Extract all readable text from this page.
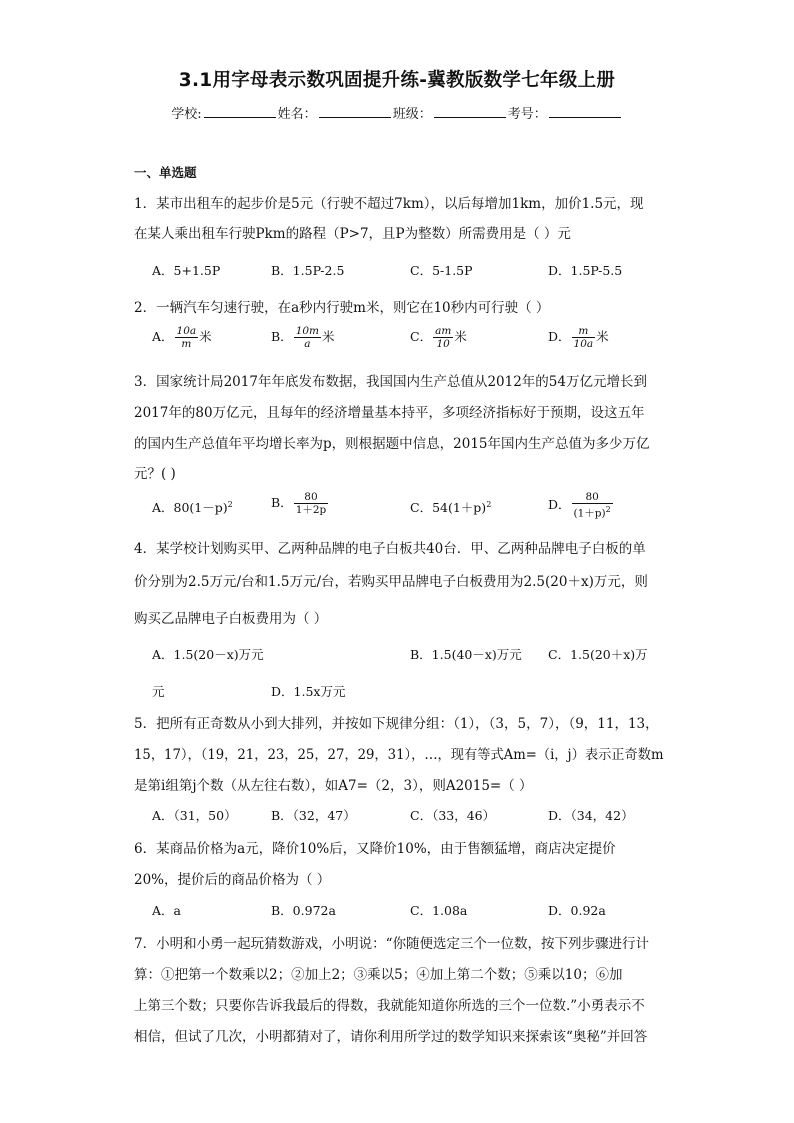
3.1用字母表示数巩固提升练-冀教版数学七年级上册
学校:	姓名：	班级：	考号：
一、单选题
1．某市出租车的起步价是5元（行驶不超过7km），以后每增加1km，加价1.5元，现
在某人乘出租车行驶Pkm的路程（P>7，且P为整数）所需费用是（ ）元
A．5+1.5P	B．1.5P-2.5	C．5-1.5P	D．1.5P-5.5
2．一辆汽车匀速行驶，在a秒内行驶m米，则它在10秒内可行驶（ ）
A． $\frac{10a}{m}$ 米	B． $\frac{10m}{a}$ 米	C． $\frac{am}{10}$ 米	D． $\frac{m}{10a}$ 米
3．国家统计局2017年年底发布数据，我国国内生产总值从2012年的54万亿元增长到
2017年的80万亿元，且每年的经济增量基本持平，多项经济指标好于预期，设这五年
的国内生产总值年平均增长率为p，则根据题中信息，2015年国内生产总值为多少万亿
元？( )
A．$80(1-p)^2$	B． $\frac{80}{1+2p}$	C．$54(1+p)^2$	D． $\frac{80}{(1+p)^2}$
4．某学校计划购买甲、乙两种品牌的电子白板共40台．甲、乙两种品牌电子白板的单
价分别为2.5万元/台和1.5万元/台，若购买甲品牌电子白板费用为2.5(20＋x)万元，则
购买乙品牌电子白板费用为（ ）
A．1.5(20－x)万元	B．1.5(40－x)万元 C．1.5(20＋x)万
元	D．1.5x万元
5．把所有正奇数从小到大排列，并按如下规律分组：（1），（3，5，7），（9，11，13，
15，17），（19，21，23，25，27，29，31），…，现有等式Am=（i，j）表示正奇数m
是第i组第j个数（从左往右数），如A7=（2，3），则A2015=（ ）
A．（31，50）	B．（32，47）	C．（33，46）	D．（34，42）
6．某商品价格为a元，降价10%后，又降价10%，由于售额猛增，商店决定提价
20%，提价后的商品价格为（ ）
A．a	B．0.972a	C．1.08a	D．0.92a
7．小明和小勇一起玩猜数游戏，小明说：“你随便选定三个一位数，按下列步骤进行计
算：①把第一个数乘以2；②加上2；③乘以5；④加上第二个数；⑤乘以10；⑥加
上第三个数；只要你告诉我最后的得数，我就能知道你所选的三个一位数.”小勇表示不
相信，但试了几次，小明都猜对了，请你利用所学过的数学知识来探索该“奥秘”并回答
